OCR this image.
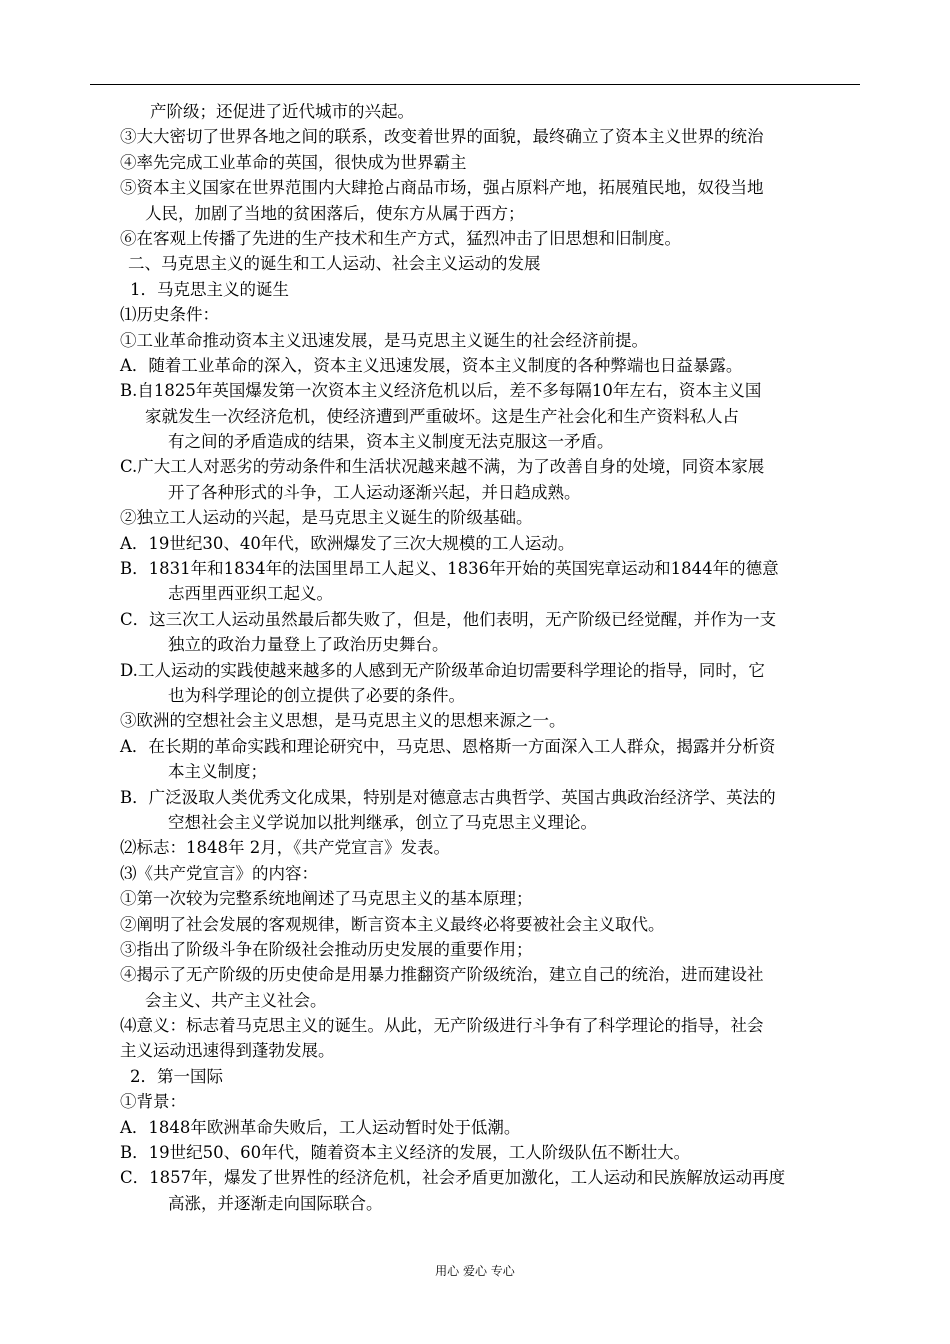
产阶级；还促进了近代城市的兴起。
③大大密切了世界各地之间的联系，改变着世界的面貌，最终确立了资本主义世界的统治
④率先完成工业革命的英国，很快成为世界霸主
⑤资本主义国家在世界范围内大肆抢占商品市场，强占原料产地，拓展殖民地，奴役当地
人民，加剧了当地的贫困落后，使东方从属于西方；
⑥在客观上传播了先进的生产技术和生产方式，猛烈冲击了旧思想和旧制度。
二、马克思主义的诞生和工人运动、社会主义运动的发展
1．马克思主义的诞生
⑴历史条件：
①工业革命推动资本主义迅速发展，是马克思主义诞生的社会经济前提。
A．随着工业革命的深入，资本主义迅速发展，资本主义制度的各种弊端也日益暴露。
B.自1825年英国爆发第一次资本主义经济危机以后，差不多每隔10年左右，资本主义国
家就发生一次经济危机，使经济遭到严重破坏。这是生产社会化和生产资料私人占
有之间的矛盾造成的结果，资本主义制度无法克服这一矛盾。
C.广大工人对恶劣的劳动条件和生活状况越来越不满，为了改善自身的处境，同资本家展
开了各种形式的斗争，工人运动逐渐兴起，并日趋成熟。
②独立工人运动的兴起，是马克思主义诞生的阶级基础。
A．19世纪30、40年代，欧洲爆发了三次大规模的工人运动。
B．1831年和1834年的法国里昂工人起义、1836年开始的英国宪章运动和1844年的德意
志西里西亚织工起义。
C．这三次工人运动虽然最后都失败了，但是，他们表明，无产阶级已经觉醒，并作为一支
独立的政治力量登上了政治历史舞台。
D.工人运动的实践使越来越多的人感到无产阶级革命迫切需要科学理论的指导，同时，它
也为科学理论的创立提供了必要的条件。
③欧洲的空想社会主义思想，是马克思主义的思想来源之一。
A．在长期的革命实践和理论研究中，马克思、恩格斯一方面深入工人群众，揭露并分析资
本主义制度；
B．广泛汲取人类优秀文化成果，特别是对德意志古典哲学、英国古典政治经济学、英法的
空想社会主义学说加以批判继承，创立了马克思主义理论。
⑵标志：1848年 2月，《共产党宣言》发表。
⑶《共产党宣言》的内容：
①第一次较为完整系统地阐述了马克思主义的基本原理；
②阐明了社会发展的客观规律，断言资本主义最终必将要被社会主义取代。
③指出了阶级斗争在阶级社会推动历史发展的重要作用；
④揭示了无产阶级的历史使命是用暴力推翻资产阶级统治，建立自己的统治，进而建设社
会主义、共产主义社会。
⑷意义：标志着马克思主义的诞生。从此，无产阶级进行斗争有了科学理论的指导，社会
主义运动迅速得到蓬勃发展。
2．第一国际
①背景：
A．1848年欧洲革命失败后，工人运动暂时处于低潮。
B．19世纪50、60年代，随着资本主义经济的发展，工人阶级队伍不断壮大。
C．1857年，爆发了世界性的经济危机，社会矛盾更加激化，工人运动和民族解放运动再度
高涨，并逐渐走向国际联合。
用心 爱心 专心
